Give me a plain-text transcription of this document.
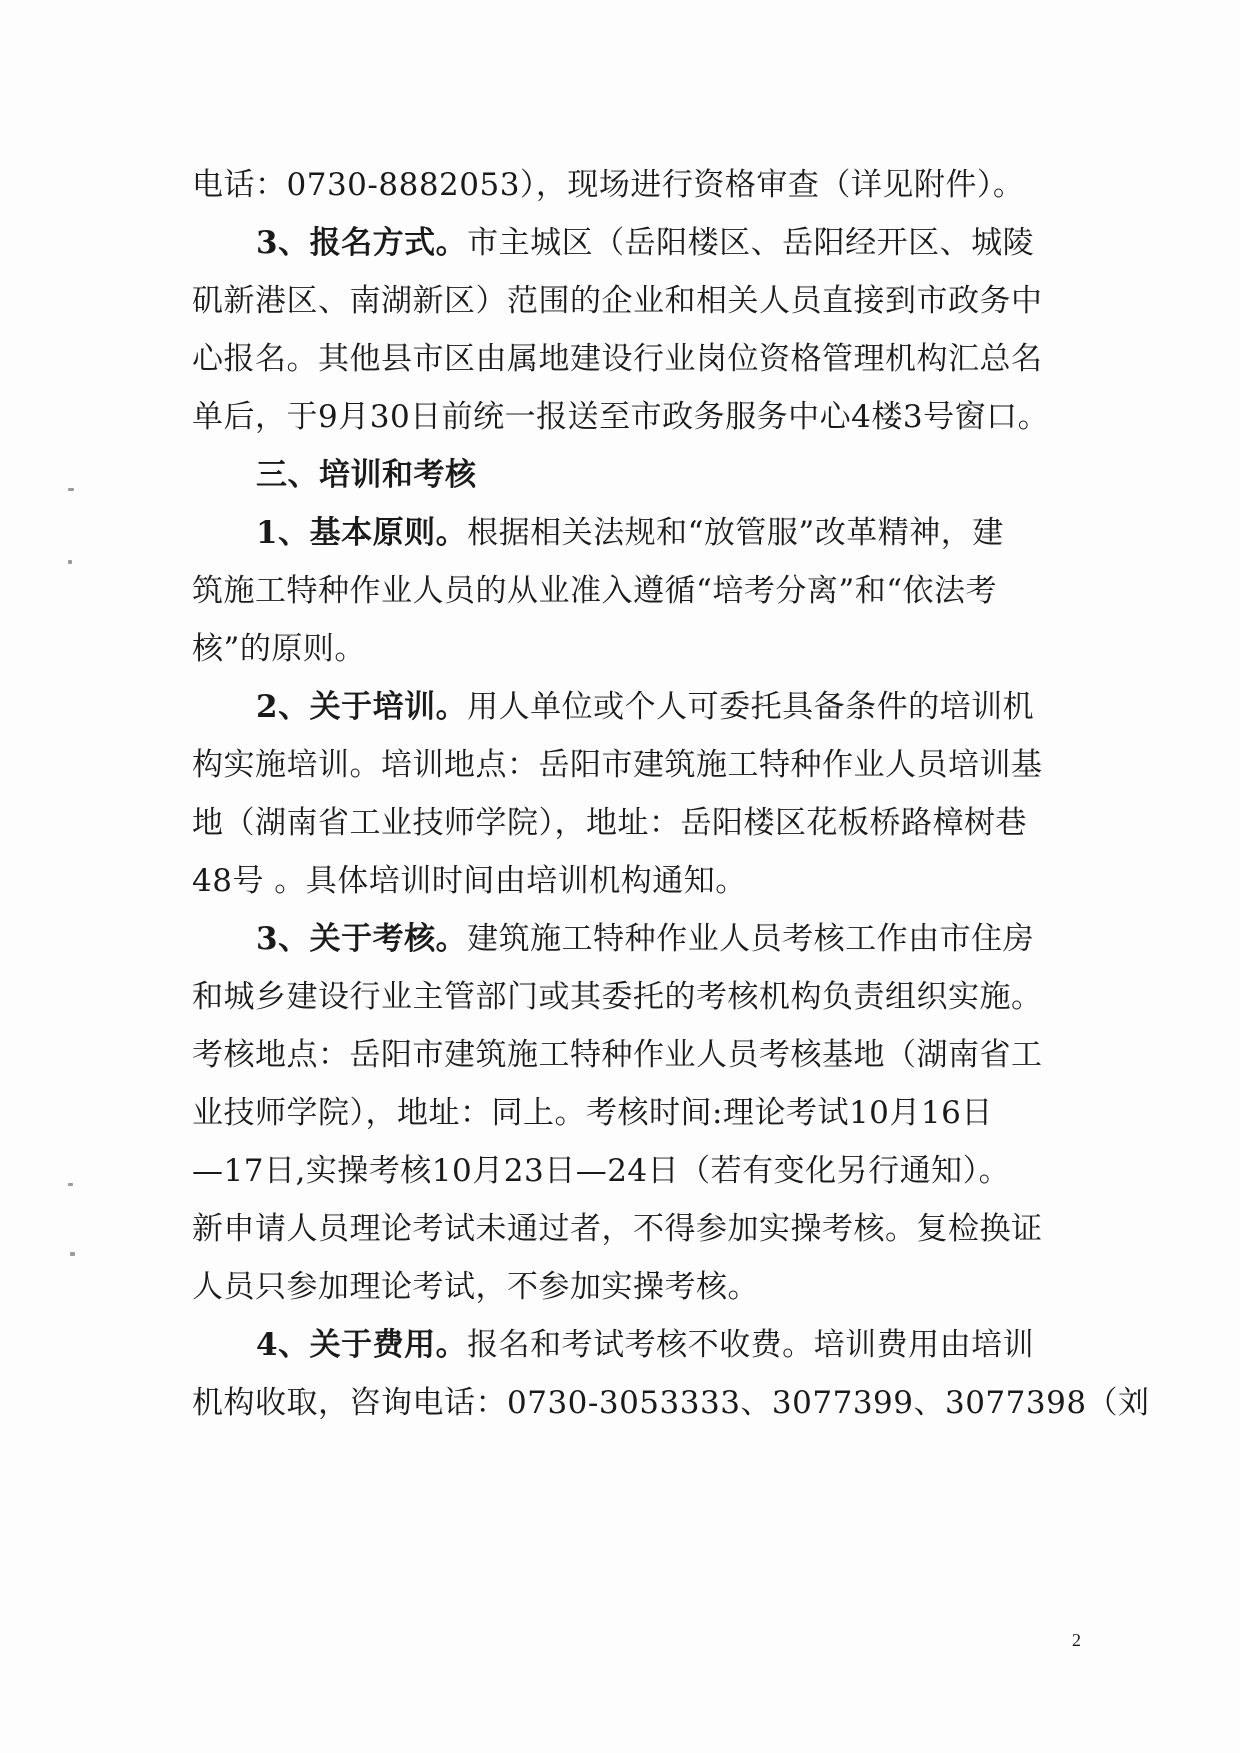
电话：0730-8882053），现场进行资格审查（详见附件）。
3、报名方式。市主城区（岳阳楼区、岳阳经开区、城陵
矶新港区、南湖新区）范围的企业和相关人员直接到市政务中
心报名。其他县市区由属地建设行业岗位资格管理机构汇总名
单后，于9月30日前统一报送至市政务服务中心4楼3号窗口。
三、培训和考核
1、基本原则。根据相关法规和“放管服”改革精神，建
筑施工特种作业人员的从业准入遵循“培考分离”和“依法考
核”的原则。
2、关于培训。用人单位或个人可委托具备条件的培训机
构实施培训。培训地点：岳阳市建筑施工特种作业人员培训基
地（湖南省工业技师学院），地址：岳阳楼区花板桥路樟树巷
48号 。具体培训时间由培训机构通知。
3、关于考核。建筑施工特种作业人员考核工作由市住房
和城乡建设行业主管部门或其委托的考核机构负责组织实施。
考核地点：岳阳市建筑施工特种作业人员考核基地（湖南省工
业技师学院），地址：同上。考核时间:理论考试10月16日
—17日,实操考核10月23日—24日（若有变化另行通知）。
新申请人员理论考试未通过者，不得参加实操考核。复检换证
人员只参加理论考试，不参加实操考核。
4、关于费用。报名和考试考核不收费。培训费用由培训
机构收取，咨询电话：0730-3053333、3077399、3077398（刘
2
